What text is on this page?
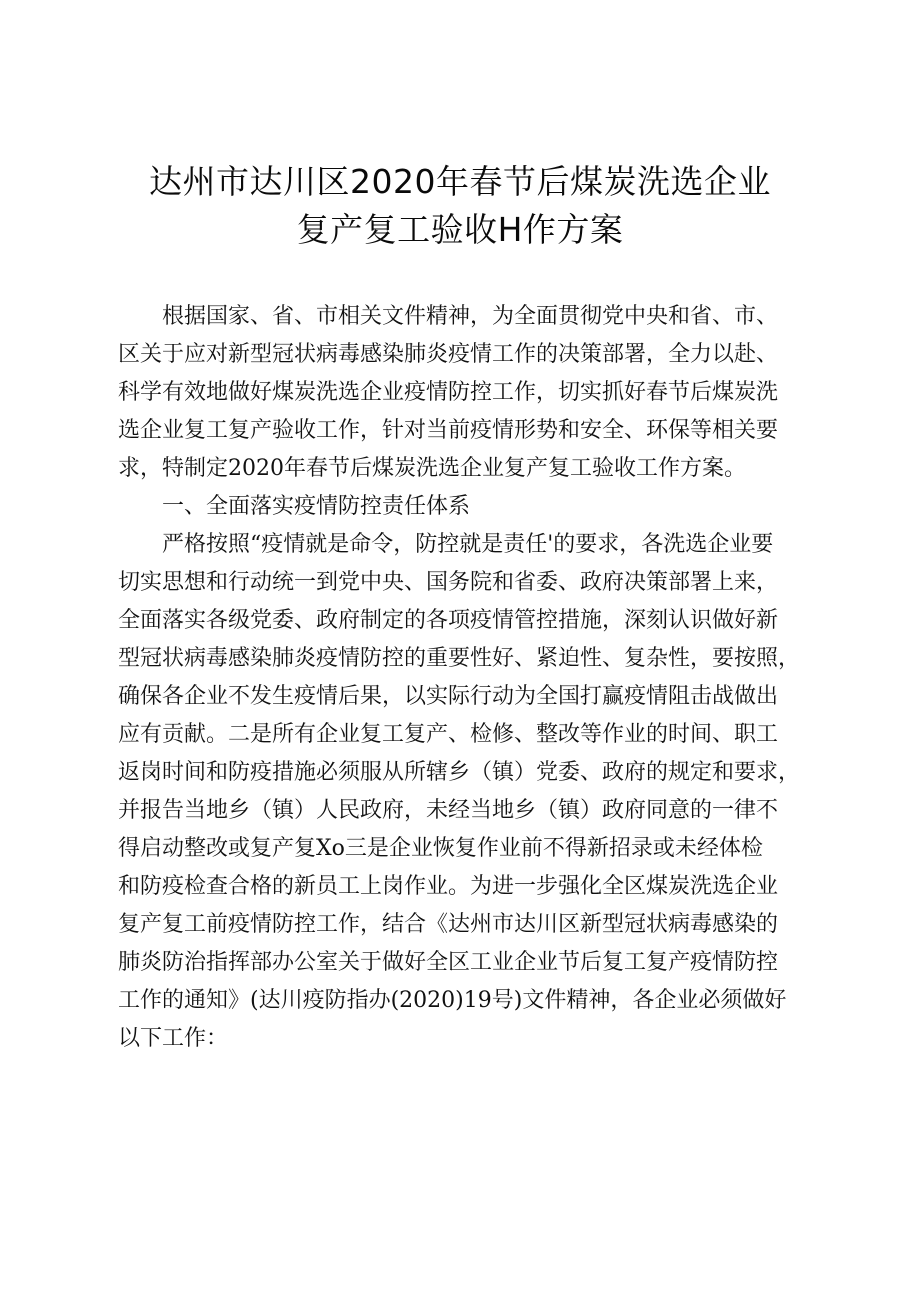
达州市达川区2020年春节后煤炭洗选企业
复产复工验收H作方案
根据国家、省、市相关文件精神，为全面贯彻党中央和省、市、
区关于应对新型冠状病毒感染肺炎疫情工作的决策部署，全力以赴、
科学有效地做好煤炭洗选企业疫情防控工作，切实抓好春节后煤炭洗
选企业复工复产验收工作，针对当前疫情形势和安全、环保等相关要
求，特制定2020年春节后煤炭洗选企业复产复工验收工作方案。
一、全面落实疫情防控责任体系
严格按照“疫情就是命令，防控就是责任'的要求，各洗选企业要
切实思想和行动统一到党中央、国务院和省委、政府决策部署上来，
全面落实各级党委、政府制定的各项疫情管控措施，深刻认识做好新
型冠状病毒感染肺炎疫情防控的重要性好、紧迫性、复杂性，要按照，
确保各企业不发生疫情后果，以实际行动为全国打赢疫情阻击战做出
应有贡献。二是所有企业复工复产、检修、整改等作业的时间、职工
返岗时间和防疫措施必须服从所辖乡（镇）党委、政府的规定和要求，
并报告当地乡（镇）人民政府，未经当地乡（镇）政府同意的一律不
得启动整改或复产复Xo三是企业恢复作业前不得新招录或未经体检
和防疫检查合格的新员工上岗作业。为进一步强化全区煤炭洗选企业
复产复工前疫情防控工作，结合《达州市达川区新型冠状病毒感染的
肺炎防治指挥部办公室关于做好全区工业企业节后复工复产疫情防控
工作的通知》(达川疫防指办(2020)19号)文件精神，各企业必须做好
以下工作：
